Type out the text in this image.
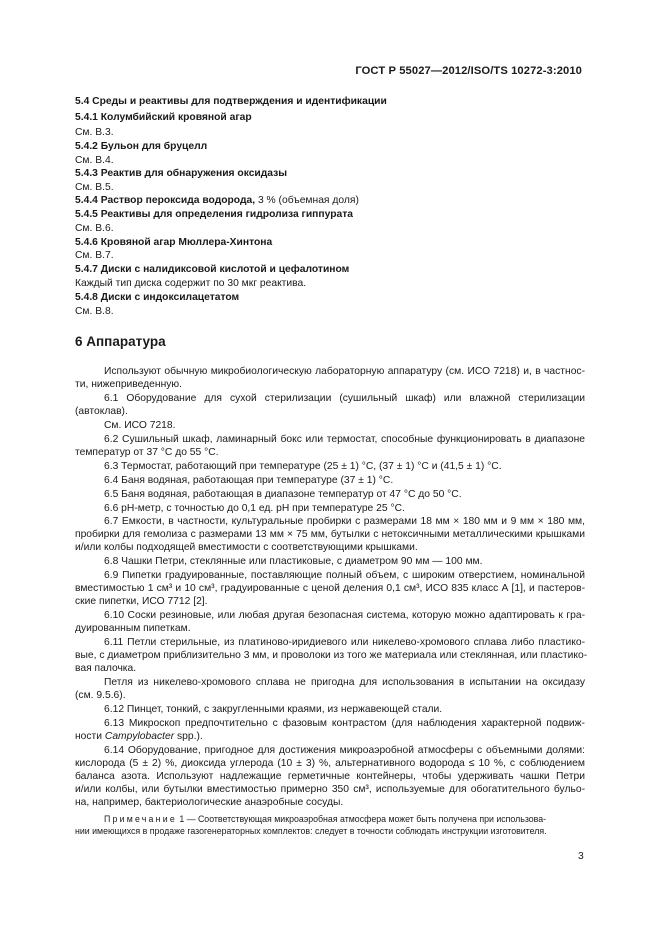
ГОСТ Р 55027—2012/ISO/TS 10272-3:2010
5.4 Среды и реактивы для подтверждения и идентификации
5.4.1 Колумбийский кровяной агар
См. В.3.
5.4.2 Бульон для бруцелл
См. В.4.
5.4.3 Реактив для обнаружения оксидазы
См. В.5.
5.4.4 Раствор пероксида водорода, 3 % (объемная доля)
5.4.5 Реактивы для определения гидролиза гиппурата
См. В.6.
5.4.6 Кровяной агар Мюллера-Хинтона
См. В.7.
5.4.7 Диски с налидиксовой кислотой и цефалотином
Каждый тип диска содержит по 30 мкг реактива.
5.4.8 Диски с индоксилацетатом
См. В.8.
6 Аппаратура
Используют обычную микробиологическую лабораторную аппаратуру (см. ИСО 7218) и, в частнос-
ти, нижеприведенную.
6.1 Оборудование для сухой стерилизации (сушильный шкаф) или влажной стерилизации
(автоклав).
См. ИСО 7218.
6.2 Сушильный шкаф, ламинарный бокс или термостат, способные функционировать в диапазоне
температур от 37 °С до 55 °С.
6.3 Термостат, работающий при температуре (25 ± 1) °С, (37 ± 1) °С и (41,5 ± 1) °С.
6.4 Баня водяная, работающая при температуре (37 ± 1) °С.
6.5 Баня водяная, работающая в диапазоне температур от 47 °С до 50 °С.
6.6 рН-метр, с точностью до 0,1 ед. рН при температуре 25 °С.
6.7 Емкости, в частности, культуральные пробирки с размерами 18 мм × 180 мм и 9 мм × 180 мм,
пробирки для гемолиза с размерами 13 мм × 75 мм, бутылки с нетоксичными металлическими крышками
и/или колбы подходящей вместимости с соответствующими крышками.
6.8 Чашки Петри, стеклянные или пластиковые, с диаметром 90 мм — 100 мм.
6.9 Пипетки градуированные, поставляющие полный объем, с широким отверстием, номинальной
вместимостью 1 см³ и 10 см³, градуированные с ценой деления 0,1 см³, ИСО 835 класс А [1], и пастеров-
ские пипетки, ИСО 7712 [2].
6.10 Соски резиновые, или любая другая безопасная система, которую можно адаптировать к гра-
дуированным пипеткам.
6.11 Петли стерильные, из платиново-иридиевого или никелево-хромового сплава либо пластико-
вые, с диаметром приблизительно 3 мм, и проволоки из того же материала или стеклянная, или пластико-
вая палочка.
Петля из никелево-хромового сплава не пригодна для использования в испытании на оксидазу
(см. 9.5.6).
6.12 Пинцет, тонкий, с закругленными краями, из нержавеющей стали.
6.13 Микроскоп предпочтительно с фазовым контрастом (для наблюдения характерной подвиж-
ности Campylobacter spp.).
6.14 Оборудование, пригодное для достижения микроаэробной атмосферы с объемными долями:
кислорода (5 ± 2) %, диоксида углерода (10 ± 3) %, альтернативного водорода ≤ 10 %, с соблюдением
баланса азота. Используют надлежащие герметичные контейнеры, чтобы удерживать чашки Петри
и/или колбы, или бутылки вместимостью примерно 350 см³, используемые для обогатительного бульо-
на, например, бактериологические анаэробные сосуды.
Примечание 1 — Соответствующая микроаэробная атмосфера может быть получена при использова-
нии имеющихся в продаже газогенераторных комплектов: следует в точности соблюдать инструкции изготовителя.
3
